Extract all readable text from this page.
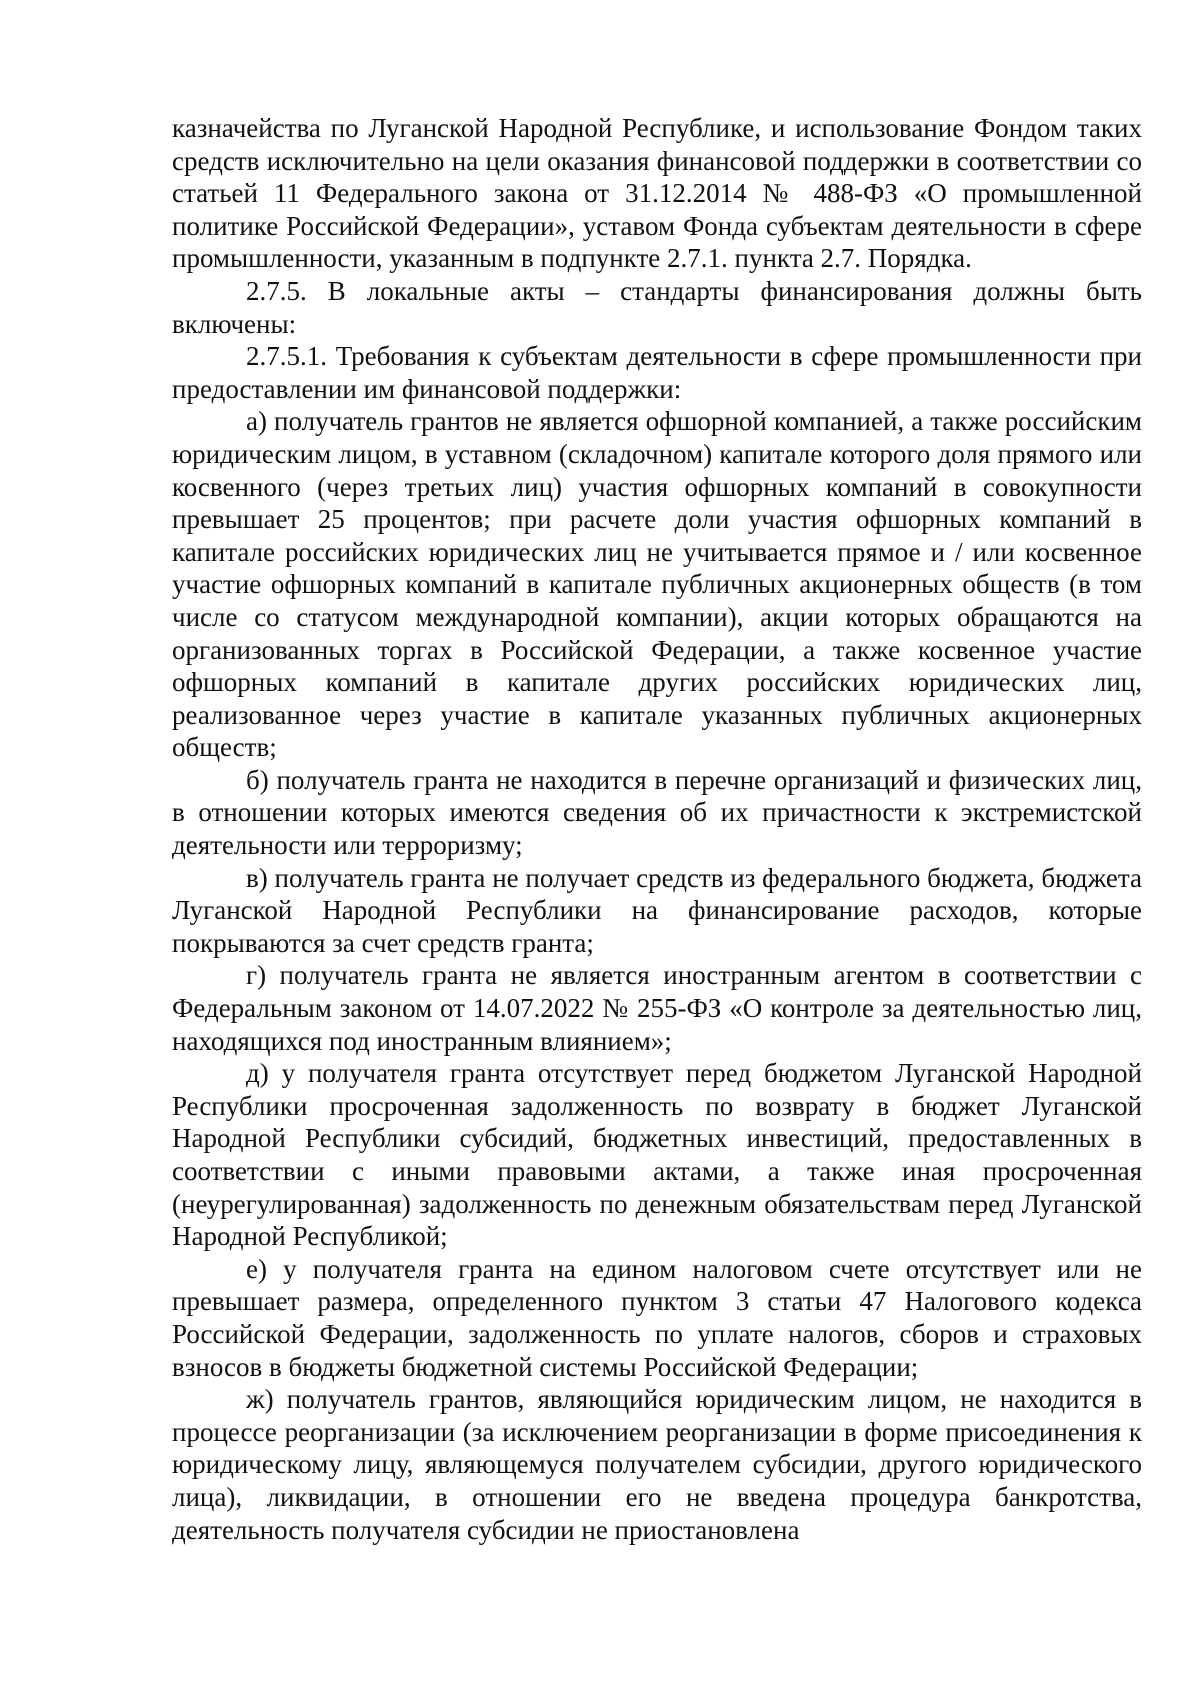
казначейства по Луганской Народной Республике, и использование Фондом таких средств исключительно на цели оказания финансовой поддержки в соответствии со статьей 11 Федерального закона от 31.12.2014 № 488-ФЗ «О промышленной политике Российской Федерации», уставом Фонда субъектам деятельности в сфере промышленности, указанным в подпункте 2.7.1. пункта 2.7. Порядка.

2.7.5. В локальные акты – стандарты финансирования должны быть включены:

2.7.5.1. Требования к субъектам деятельности в сфере промышленности при предоставлении им финансовой поддержки:

а) получатель грантов не является офшорной компанией, а также российским юридическим лицом, в уставном (складочном) капитале которого доля прямого или косвенного (через третьих лиц) участия офшорных компаний в совокупности превышает 25 процентов; при расчете доли участия офшорных компаний в капитале российских юридических лиц не учитывается прямое и / или косвенное участие офшорных компаний в капитале публичных акционерных обществ (в том числе со статусом международной компании), акции которых обращаются на организованных торгах в Российской Федерации, а также косвенное участие офшорных компаний в капитале других российских юридических лиц, реализованное через участие в капитале указанных публичных акционерных обществ;

б) получатель гранта не находится в перечне организаций и физических лиц, в отношении которых имеются сведения об их причастности к экстремистской деятельности или терроризму;

в) получатель гранта не получает средств из федерального бюджета, бюджета Луганской Народной Республики на финансирование расходов, которые покрываются за счет средств гранта;

г) получатель гранта не является иностранным агентом в соответствии с Федеральным законом от 14.07.2022 № 255-ФЗ «О контроле за деятельностью лиц, находящихся под иностранным влиянием»;

д) у получателя гранта отсутствует перед бюджетом Луганской Народной Республики просроченная задолженность по возврату в бюджет Луганской Народной Республики субсидий, бюджетных инвестиций, предоставленных в соответствии с иными правовыми актами, а также иная просроченная (неурегулированная) задолженность по денежным обязательствам перед Луганской Народной Республикой;

е) у получателя гранта на едином налоговом счете отсутствует или не превышает размера, определенного пунктом 3 статьи 47 Налогового кодекса Российской Федерации, задолженность по уплате налогов, сборов и страховых взносов в бюджеты бюджетной системы Российской Федерации;

ж) получатель грантов, являющийся юридическим лицом, не находится в процессе реорганизации (за исключением реорганизации в форме присоединения к юридическому лицу, являющемуся получателем субсидии, другого юридического лица), ликвидации, в отношении его не введена процедура банкротства, деятельность получателя субсидии не приостановлена
